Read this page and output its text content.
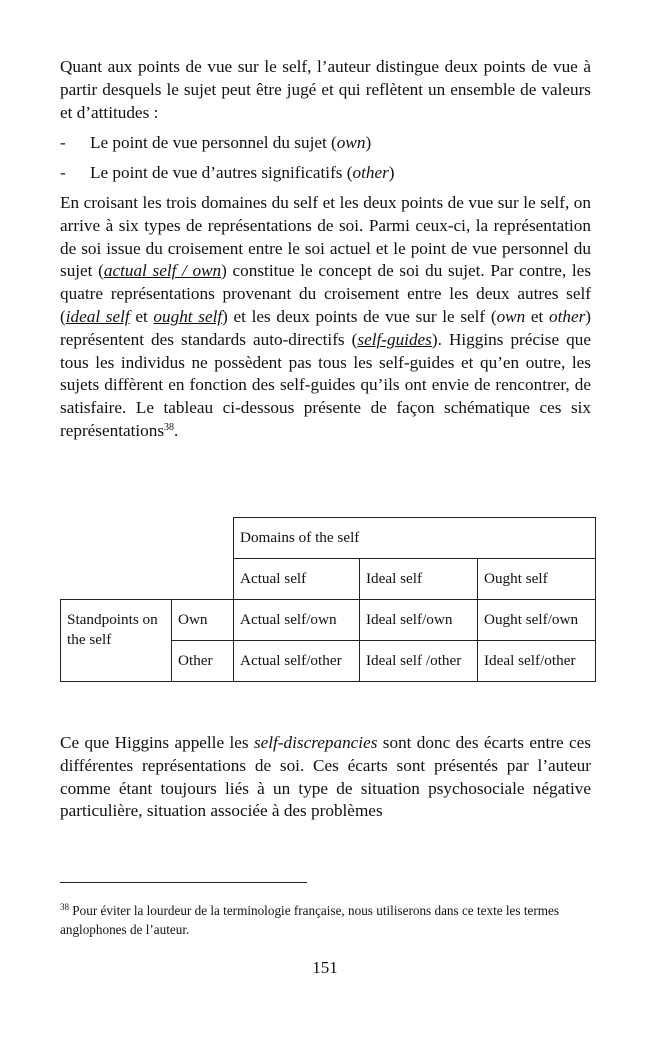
Quant aux points de vue sur le self, l’auteur distingue deux points de vue à partir desquels le sujet peut être jugé et qui reflètent un ensemble de valeurs et d’attitudes :

- Le point de vue personnel du sujet (own)
- Le point de vue d’autres significatifs (other)

En croisant les trois domaines du self et les deux points de vue sur le self, on arrive à six types de représentations de soi. Parmi ceux-ci, la représentation de soi issue du croisement entre le soi actuel et le point de vue personnel du sujet (actual self / own) constitue le concept de soi du sujet. Par contre, les quatre représentations provenant du croisement entre les deux autres self (ideal self et ought self) et les deux points de vue sur le self (own et other) représentent des standards auto-directifs (self-guides). Higgins précise que tous les individus ne possèdent pas tous les self-guides et qu’en outre, les sujets diffèrent en fonction des self-guides qu’ils ont envie de rencontrer, de satisfaire. Le tableau ci-dessous présente de façon schématique ces six représentations$^{38}$.

		Domains of the self		
		Actual self	Ideal self	Ought self
Standpoints on the self	Own	Actual self/own	Ideal self/own	Ought self/own
	Other	Actual self/other	Ideal self /other	Ideal self/other

Ce que Higgins appelle les self-discrepancies sont donc des écarts entre ces différentes représentations de soi. Ces écarts sont présentés par l’auteur comme étant toujours liés à un type de situation psychosociale négative particulière, situation associée à des problèmes

$^{38}$ Pour éviter la lourdeur de la terminologie française, nous utiliserons dans ce texte les termes anglophones de l’auteur.
151
